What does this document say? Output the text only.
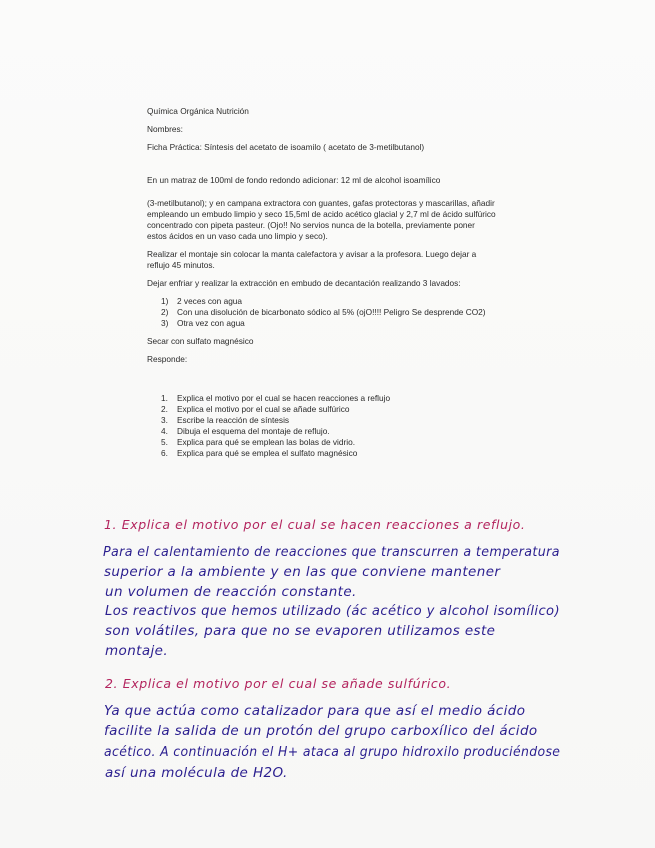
Química Orgánica Nutrición

Nombres:

Ficha Práctica: Síntesis del acetato de isoamilo ( acetato de 3-metilbutanol)

En un matraz de 100ml de fondo redondo adicionar: 12 ml de alcohol isoamílico

(3-metilbutanol); y en campana extractora con guantes, gafas protectoras y mascarillas, añadir

empleando un embudo limpio y seco 15,5ml de acido acético glacial y 2,7 ml de ácido sulfúrico

concentrado con pipeta pasteur. (Ojo!! No servios nunca de la botella, previamente poner

estos ácidos en un vaso cada uno limpio y seco).

Realizar el montaje sin colocar la manta calefactora y avisar a la profesora. Luego dejar a

reflujo 45 minutos.

Dejar enfriar y realizar la extracción en embudo de decantación realizando 3 lavados:

1) 2 veces con agua
2) Con una disolución de bicarbonato sódico al 5% (ojO!!!! Peligro Se desprende CO2)
3) Otra vez con agua

Secar con sulfato magnésico

Responde:

1. Explica el motivo por el cual se hacen reacciones a reflujo
2. Explica el motivo por el cual se añade sulfúrico
3. Escribe la reacción de síntesis
4. Dibuja el esquema del montaje de reflujo.
5. Explica para qué se emplean las bolas de vidrio.
6. Explica para qué se emplea el sulfato magnésico
1. Explica el motivo por el cual se hacen reacciones a reflujo.
Para el calentamiento de reacciones que transcurren a temperatura
superior a la ambiente y en las que conviene mantener
un volumen de reacción constante.
Los reactivos que hemos utilizado (ác acético y alcohol isomílico)
son volátiles, para que no se evaporen utilizamos este
montaje.
2. Explica el motivo por el cual se añade sulfúrico.
Ya que actúa como catalizador para que así el medio ácido
facilite la salida de un protón del grupo carboxílico del ácido
acético. A continuación el H+ ataca al grupo hidroxilo produciéndose
así una molécula de H2O.
